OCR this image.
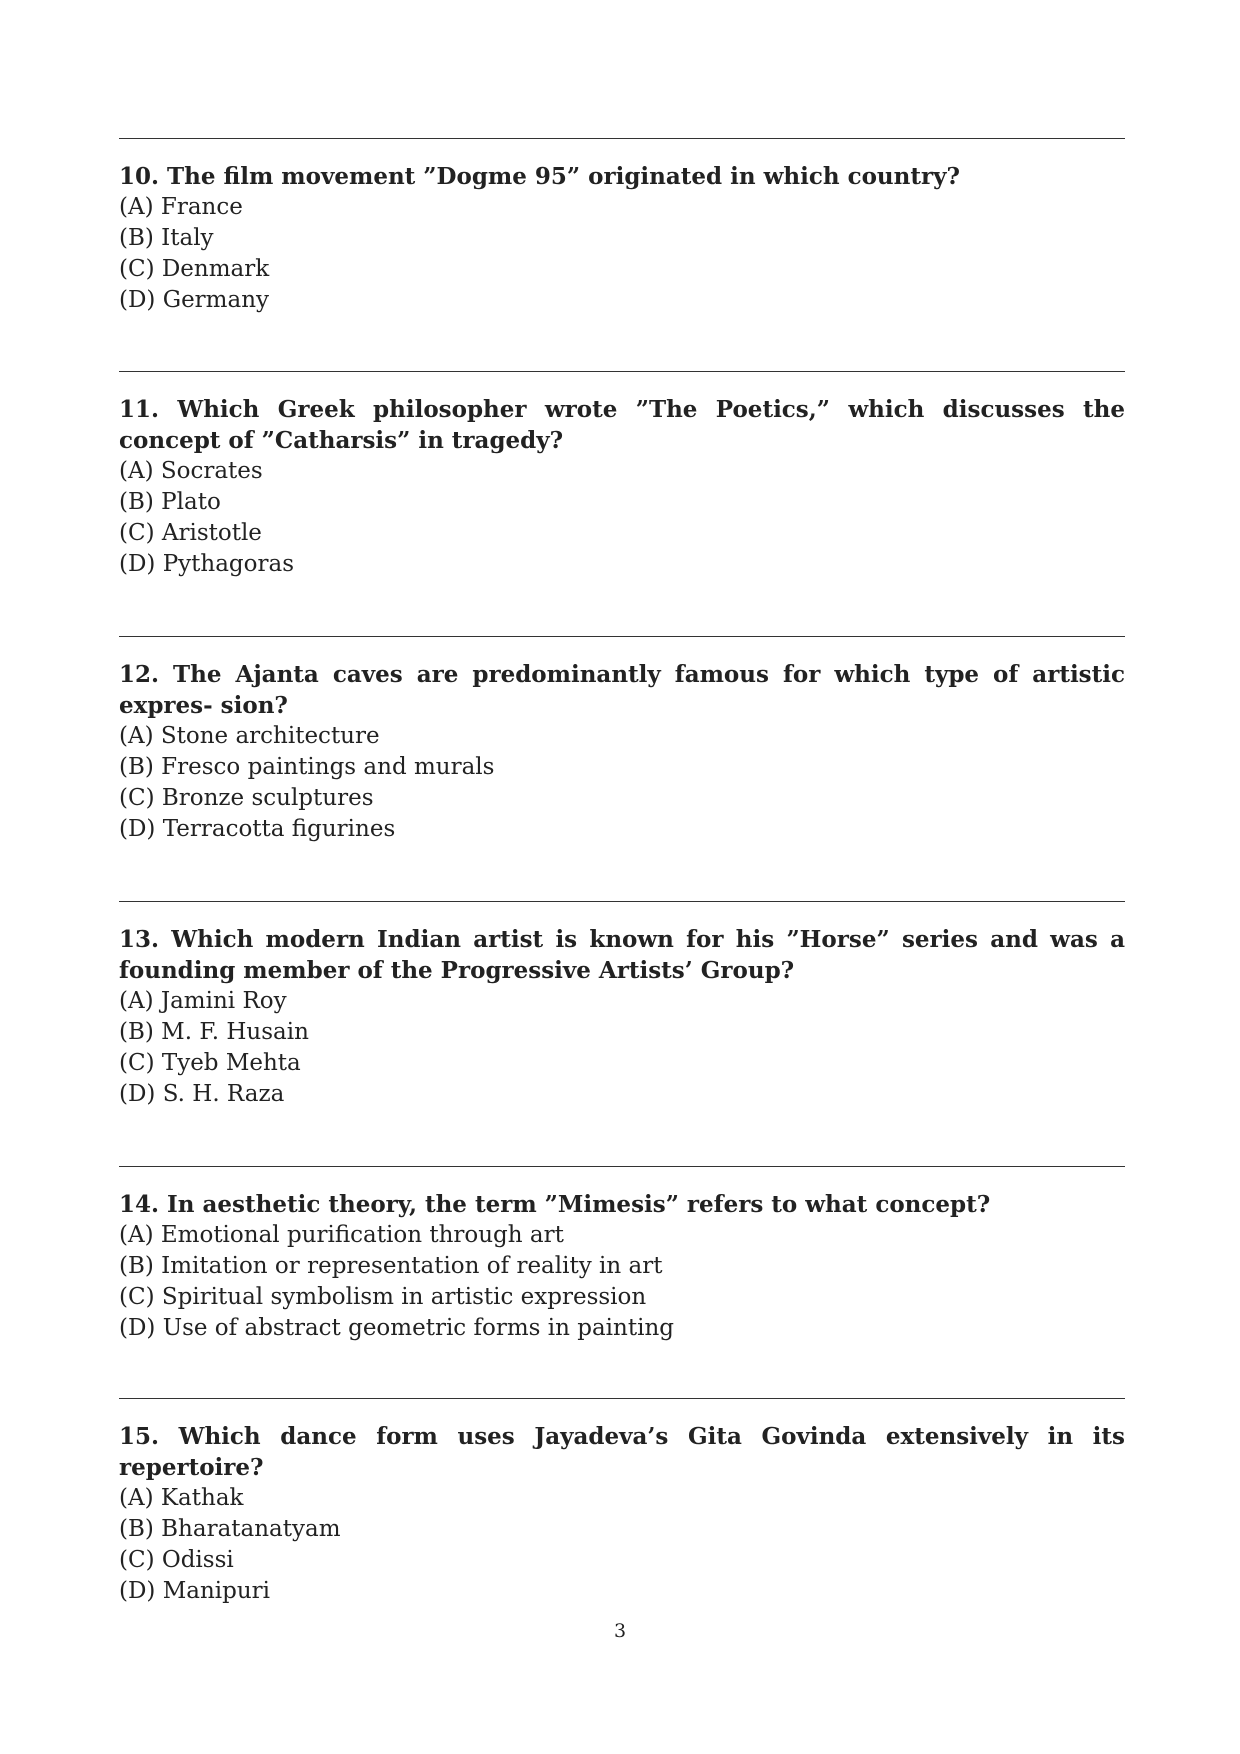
10. The film movement ”Dogme 95” originated in which country?
(A) France
(B) Italy
(C) Denmark
(D) Germany
11. Which Greek philosopher wrote ”The Poetics,” which discusses the concept of ”Catharsis” in tragedy?
(A) Socrates
(B) Plato
(C) Aristotle
(D) Pythagoras
12. The Ajanta caves are predominantly famous for which type of artistic expres- sion?
(A) Stone architecture
(B) Fresco paintings and murals
(C) Bronze sculptures
(D) Terracotta figurines
13. Which modern Indian artist is known for his ”Horse” series and was a founding member of the Progressive Artists’ Group?
(A) Jamini Roy
(B) M. F. Husain
(C) Tyeb Mehta
(D) S. H. Raza
14. In aesthetic theory, the term ”Mimesis” refers to what concept?
(A) Emotional purification through art
(B) Imitation or representation of reality in art
(C) Spiritual symbolism in artistic expression
(D) Use of abstract geometric forms in painting
15. Which dance form uses Jayadeva’s Gita Govinda extensively in its repertoire?
(A) Kathak
(B) Bharatanatyam
(C) Odissi
(D) Manipuri
3
